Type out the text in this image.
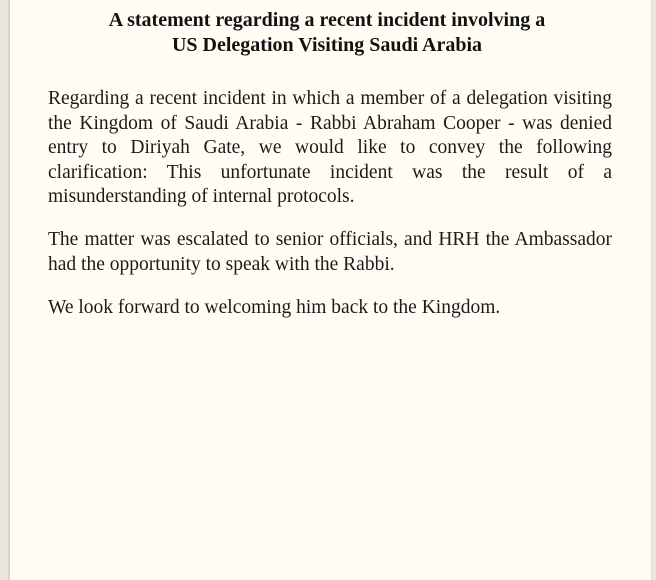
A statement regarding a recent incident involving a
US Delegation Visiting Saudi Arabia

Regarding a recent incident in which a member of a delegation visiting the Kingdom of Saudi Arabia - Rabbi Abraham Cooper - was denied entry to Diriyah Gate, we would like to convey the following clarification: This unfortunate incident was the result of a misunderstanding of internal protocols.

The matter was escalated to senior officials, and HRH the Ambassador had the opportunity to speak with the Rabbi.

We look forward to welcoming him back to the Kingdom.
